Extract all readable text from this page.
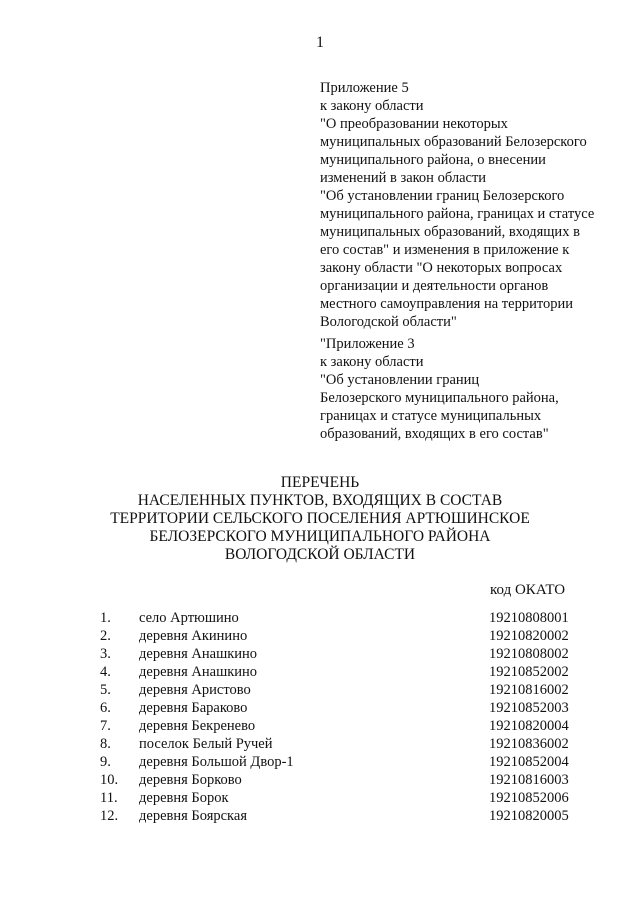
1
Приложение 5
к закону области
"О преобразовании некоторых
муниципальных образований Белозерского
муниципального района, о внесении
изменений в закон области
"Об установлении границ Белозерского
муниципального района, границах и статусе
муниципальных образований, входящих в
его состав" и изменения в приложение к
закону области "О некоторых вопросах
организации и деятельности органов
местного самоуправления на территории
Вологодской области"
"Приложение 3
к закону области
"Об установлении границ
Белозерского муниципального района,
границах и статусе муниципальных
образований, входящих в его состав"
ПЕРЕЧЕНЬ
НАСЕЛЕННЫХ ПУНКТОВ, ВХОДЯЩИХ В СОСТАВ
ТЕРРИТОРИИ СЕЛЬСКОГО ПОСЕЛЕНИЯ АРТЮШИНСКОЕ
БЕЛОЗЕРСКОГО МУНИЦИПАЛЬНОГО РАЙОНА
ВОЛОГОДСКОЙ ОБЛАСТИ
код ОКАТО
1. село Артюшино	19210808001
2. деревня Акинино	19210820002
3. деревня Анашкино	19210808002
4. деревня Анашкино	19210852002
5. деревня Аристово	19210816002
6. деревня Бараково	19210852003
7. деревня Бекренево	19210820004
8. поселок Белый Ручей	19210836002
9. деревня Большой Двор-1	19210852004
10. деревня Борково	19210816003
11. деревня Борок	19210852006
12. деревня Боярская	19210820005
